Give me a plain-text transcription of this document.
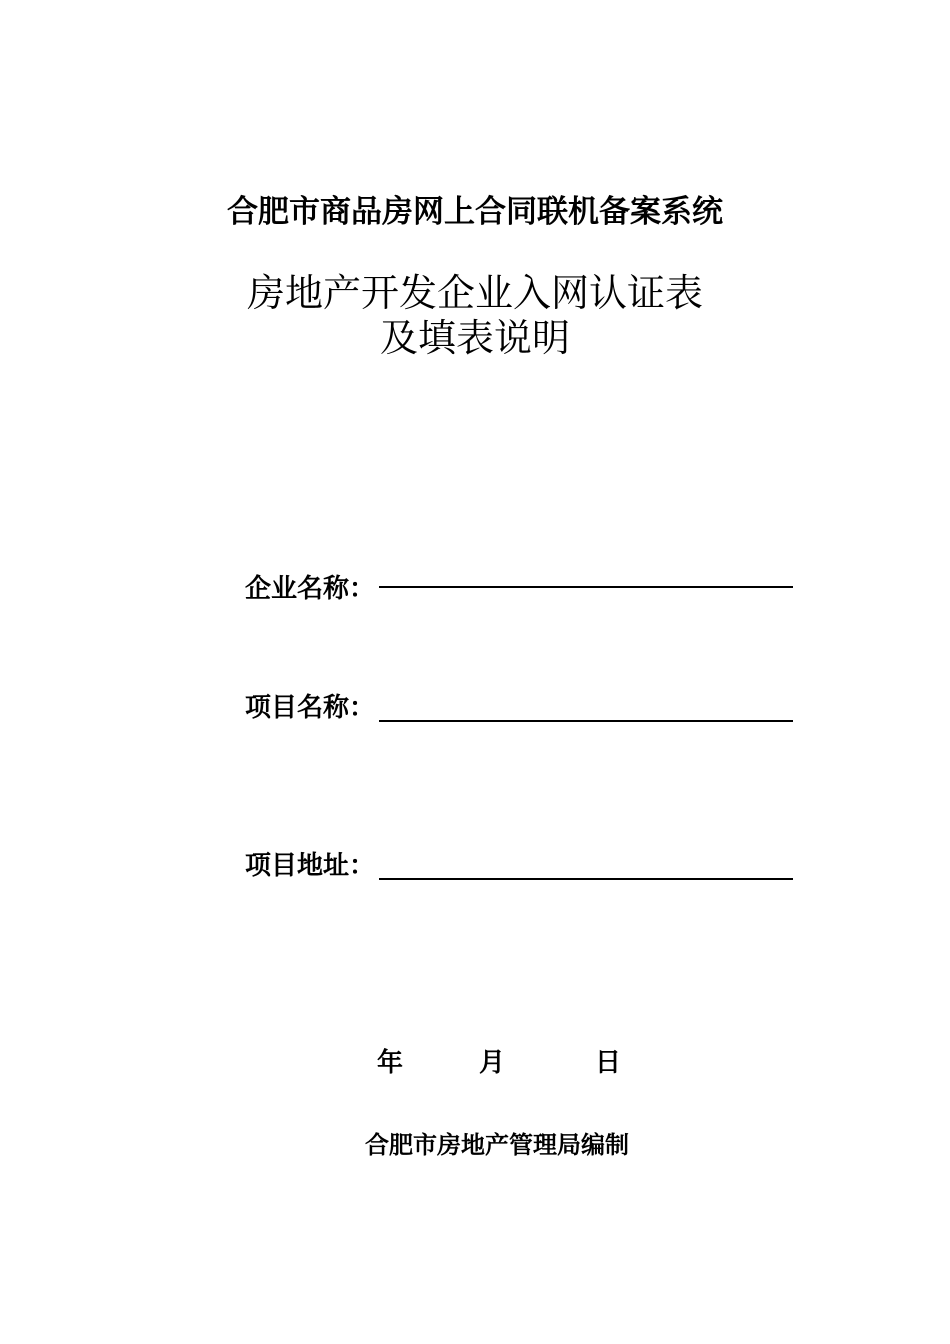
合肥市商品房网上合同联机备案系统
房地产开发企业入网认证表
及填表说明
企业名称：
项目名称：
项目地址：
年	月	日
合肥市房地产管理局编制
